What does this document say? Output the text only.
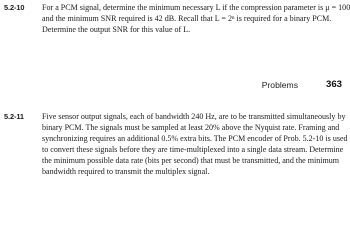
5.2-10	For a PCM signal, determine the minimum necessary L if the compression parameter is μ = 100
and the minimum SNR required is 42 dB. Recall that L = 2ⁿ is required for a binary PCM.
Determine the output SNR for this value of L.
Problems	363
5.2-11	Five sensor output signals, each of bandwidth 240 Hz, are to be transmitted simultaneously by
binary PCM. The signals must be sampled at least 20% above the Nyquist rate. Framing and
synchronizing requires an additional 0.5% extra bits. The PCM encoder of Prob. 5.2-10 is used
to convert these signals before they are time-multiplexed into a single data stream. Determine
the minimum possible data rate (bits per second) that must be transmitted, and the minimum
bandwidth required to transmit the multiplex signal.
